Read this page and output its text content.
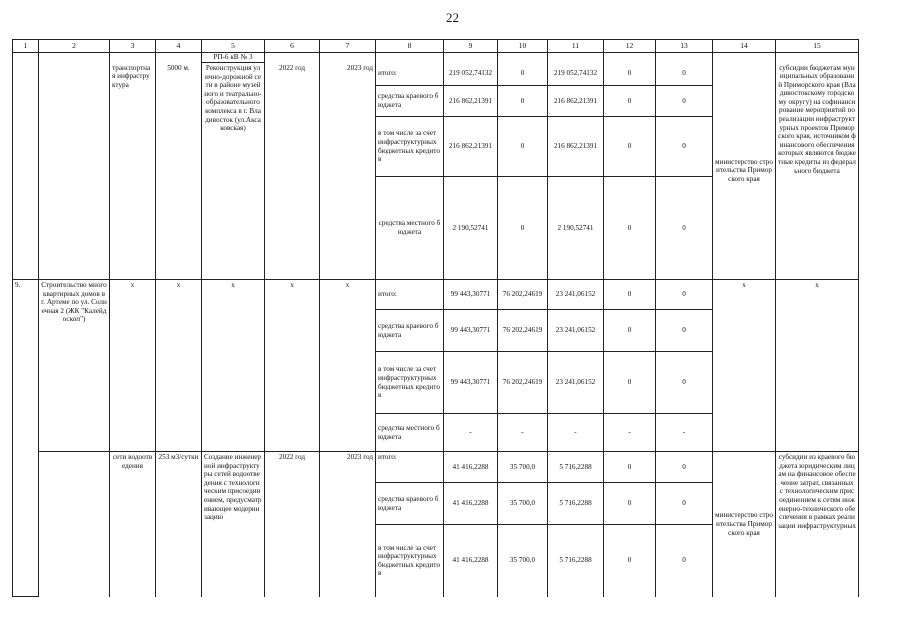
22
1	2	3	4	5	6	7	8	9	10	11	12	13	14	15
				РП-6 кВ № 3										
		транспортная инфраструктура	5000 м.	Реконструкция улично-дорожной сети в районе музейного и театрально-образовательного комплекса в г. Владивосток (ул.Аксаковская)	2022 год	2023 год	итого:	219 052,74132	0	219 052,74132	0	0	министерство строительства Приморского края	субсидии бюджетам муниципальных образований Приморского края (Владивостокскому городскому округу) на софинансирование мероприятий по реализации инфраструктурных проектов Приморского края, источником финансового обеспечения которых являются бюджетные кредиты из федерального бюджета
							средства краевого бюджета	216 862,21391	0	216 862,21391	0	0		
							в том числе за счет инфраструктурных бюджетных кредитов	216 862,21391	0	216 862,21391	0	0		
							средства местного бюджета	2 190,52741	0	2 190,52741	0	0		
9.	Строительство многоквартирных домов в г. Артеме по ул. Солнечная 2 (ЖК "Калейдоскоп")	х	х	х	х	х	итого:	99 443,30771	76 202,24619	23 241,06152	0	0	х	х
							средства краевого бюджета	99 443,30771	76 202,24619	23 241,06152	0	0		
							в том числе за счет инфраструктурных бюджетных кредитов	99 443,30771	76 202,24619	23 241,06152	0	0		
							средства местного бюджета	-	-	-	-	-		
		сети водоотведения	253 м3/сутки	Создание инженерной инфраструктуры сетей водоотведения с технологическим присоединением, предусматривающее модернизацию	2022 год	2023 год	итого:	41 416,2288	35 700,0	5 716,2288	0	0	министерство строительства Приморского края	субсидии из краевого бюджета юридическим лицам на финансовое обеспечение затрат, связанных с технологическим присоединением к сетям инженерно-технического обеспечения в рамках реализации инфраструктурных
							средства краевого бюджета	41 416,2288	35 700,0	5 716,2288	0	0		
							в том числе за счет инфраструктурных бюджетных кредитов	41 416,2288	35 700,0	5 716,2288	0	0		
